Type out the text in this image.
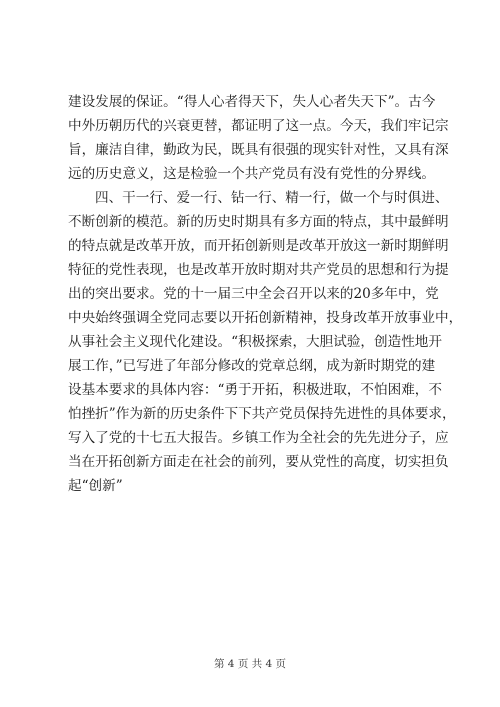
建设发展的保证。“得人心者得天下，失人心者失天下”。古今
中外历朝历代的兴衰更替，都证明了这一点。今天，我们牢记宗
旨，廉洁自律，勤政为民，既具有很强的现实针对性，又具有深
远的历史意义，这是检验一个共产党员有没有党性的分界线。
四、干一行、爱一行、钻一行、精一行，做一个与时俱进、
不断创新的模范。新的历史时期具有多方面的特点，其中最鲜明
的特点就是改革开放，而开拓创新则是改革开放这一新时期鲜明
特征的党性表现，也是改革开放时期对共产党员的思想和行为提
出的突出要求。党的十一届三中全会召开以来的20多年中，党
中央始终强调全党同志要以开拓创新精神，投身改革开放事业中，
从事社会主义现代化建设。“积极探索，大胆试验，创造性地开
展工作，”已写进了年部分修改的党章总纲，成为新时期党的建
设基本要求的具体内容：“勇于开拓，积极进取，不怕困难，不
怕挫折”作为新的历史条件下下共产党员保持先进性的具体要求，
写入了党的十七五大报告。乡镇工作为全社会的先先进分子，应
当在开拓创新方面走在社会的前列，要从党性的高度，切实担负
起“创新”
第 4 页 共 4 页
